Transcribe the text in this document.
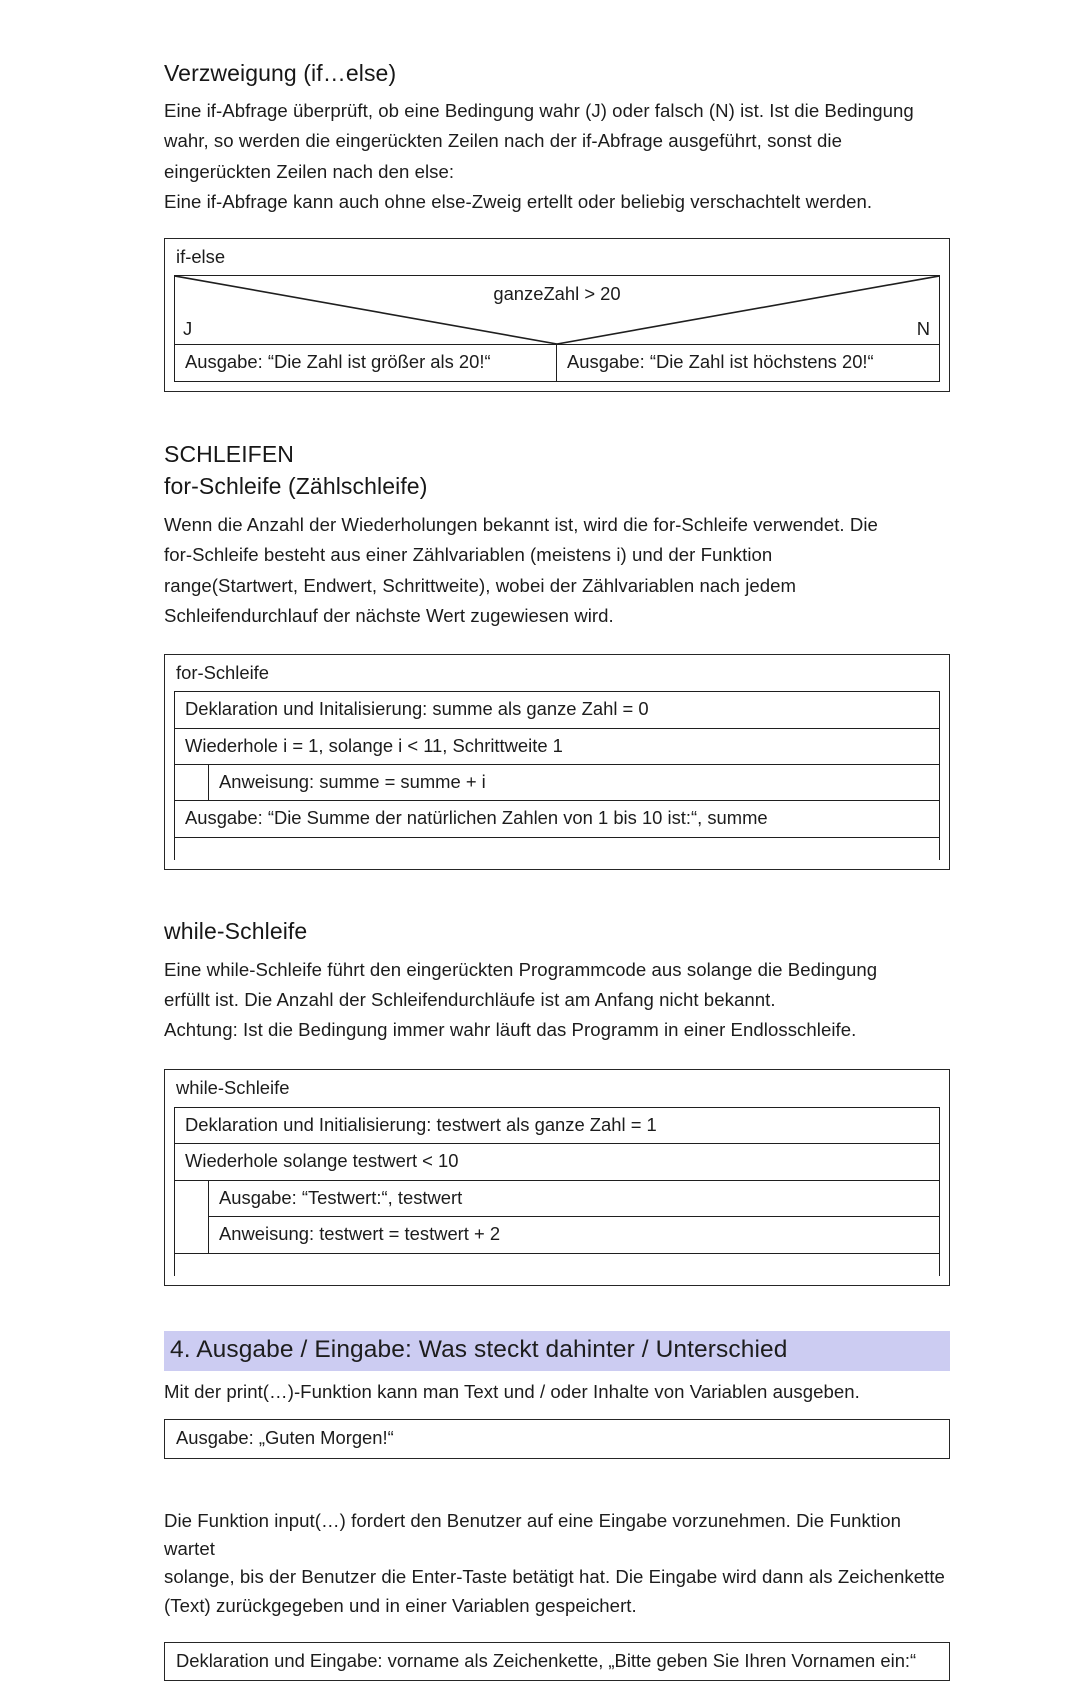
Verzweigung (if…else)

Eine if-Abfrage überprüft, ob eine Bedingung wahr (J) oder falsch (N) ist. Ist die Bedingung
wahr, so werden die eingerückten Zeilen nach der if-Abfrage ausgeführt, sonst die
eingerückten Zeilen nach den else:
Eine if-Abfrage kann auch ohne else-Zweig ertellt oder beliebig verschachtelt werden.

if-else
ganzeZahl > 20
J	N
Ausgabe: “Die Zahl ist größer als 20!“	Ausgabe: “Die Zahl ist höchstens 20!“
SCHLEIFEN
for-Schleife (Zählschleife)

Wenn die Anzahl der Wiederholungen bekannt ist, wird die for-Schleife verwendet. Die
for-Schleife besteht aus einer Zählvariablen (meistens i) und der Funktion
range(Startwert, Endwert, Schrittweite), wobei der Zählvariablen nach jedem
Schleifendurchlauf der nächste Wert zugewiesen wird.

for-Schleife
Deklaration und Initalisierung: summe als ganze Zahl = 0
Wiederhole i = 1, solange i < 11, Schrittweite 1
Anweisung: summe = summe + i
Ausgabe: “Die Summe der natürlichen Zahlen von 1 bis 10 ist:“, summe
while-Schleife

Eine while-Schleife führt den eingerückten Programmcode aus solange die Bedingung
erfüllt ist. Die Anzahl der Schleifendurchläufe ist am Anfang nicht bekannt.
Achtung: Ist die Bedingung immer wahr läuft das Programm in einer Endlosschleife.

while-Schleife
Deklaration und Initialisierung: testwert als ganze Zahl = 1
Wiederhole solange testwert < 10
Ausgabe: “Testwert:“, testwert
Anweisung: testwert = testwert + 2
4. Ausgabe / Eingabe: Was steckt dahinter / Unterschied

Mit der print(…)-Funktion kann man Text und / oder Inhalte von Variablen ausgeben.

Ausgabe: „Guten Morgen!“

Die Funktion input(…) fordert den Benutzer auf eine Eingabe vorzunehmen. Die Funktion wartet
solange, bis der Benutzer die Enter-Taste betätigt hat. Die Eingabe wird dann als Zeichenkette
(Text) zurückgegeben und in einer Variablen gespeichert.

Deklaration und Eingabe: vorname als Zeichenkette, „Bitte geben Sie Ihren Vornamen ein:“
